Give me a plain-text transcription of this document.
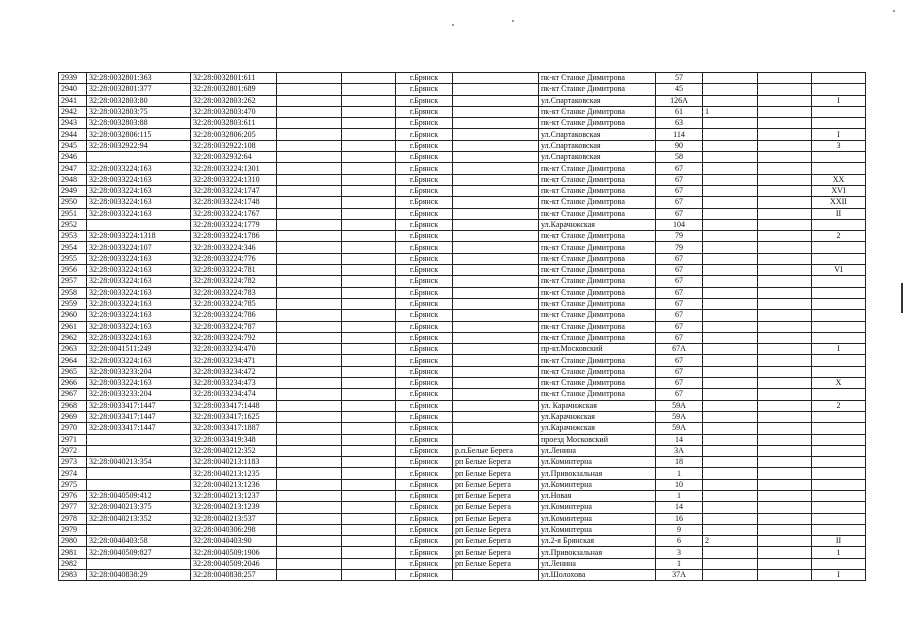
2939	32:28:0032801:363	32:28:0032801:611			г.Брянск		пк-кт Станке Димитрова	57			
2940	32:28:0032801:377	32:28:0032801:689			г.Брянск		пк-кт Станке Димитрова	45			
2941	32:28:0032803:80	32:28:0032803:262			г.Брянск		ул.Спартаковская	126А			I
2942	32:28:0032803:75	32:28:0032803:470			г.Брянск		пк-кт Станке Димитрова	61	1		
2943	32:28:0032803:88	32:28:0032803:611			г.Брянск		пк-кт Станке Димитрова	63			
2944	32:28:0032806:115	32:28:0032806:205			г.Брянск		ул.Спартаковская	114			I
2945	32:28:0032922:94	32:28:0032922:108			г.Брянск		ул.Спартаковская	90			3
2946		32:28:0032932:64			г.Брянск		ул.Спартаковская	58			
2947	32:28:0033224:163	32:28:0033224:1301			г.Брянск		пк-кт Станке Димитрова	67			
2948	32:28:0033224:163	32:28:0033224:1310			г.Брянск		пк-кт Станке Димитрова	67			XX
2949	32:28:0033224:163	32:28:0033224:1747			г.Брянск		пк-кт Станке Димитрова	67			XVI
2950	32:28:0033224:163	32:28:0033224:1748			г.Брянск		пк-кт Станке Димитрова	67			XXII
2951	32:28:0033224:163	32:28:0033224:1767			г.Брянск		пк-кт Станке Димитрова	67			II
2952		32:28:0033224:1779			г.Брянск		ул.Карачижская	104			
2953	32:28:0033224:1318	32:28:0033224:1786			г.Брянск		пк-кт Станке Димитрова	79			2
2954	32:28:0033224:107	32:28:0033224:346			г.Брянск		пк-кт Станке Димитрова	79			
2955	32:28:0033224:163	32:28:0033224:776			г.Брянск		пк-кт Станке Димитрова	67			
2956	32:28:0033224:163	32:28:0033224:781			г.Брянск		пк-кт Станке Димитрова	67			VI
2957	32:28:0033224:163	32:28:0033224:782			г.Брянск		пк-кт Станке Димитрова	67			
2958	32:28:0033224:163	32:28:0033224:783			г.Брянск		пк-кт Станке Димитрова	67			
2959	32:28:0033224:163	32:28:0033224:785			г.Брянск		пк-кт Станке Димитрова	67			
2960	32:28:0033224:163	32:28:0033224:786			г.Брянск		пк-кт Станке Димитрова	67			
2961	32:28:0033224:163	32:28:0033224:787			г.Брянск		пк-кт Станке Димитрова	67			
2962	32:28:0033224:163	32:28:0033224:792			г.Брянск		пк-кт Станке Димитрова	67			
2963	32:28:0041511:249	32:28:0033234:470			г.Брянск		пр-кт.Московский	67А			I
2964	32:28:0033224:163	32:28:0033234:471			г.Брянск		пк-кт Станке Димитрова	67			
2965	32:28:0033233:204	32:28:0033234:472			г.Брянск		пк-кт Станке Димитрова	67			
2966	32:28:0033224:163	32:28:0033234:473			г.Брянск		пк-кт Станке Димитрова	67			X
2967	32:28:0033233:204	32:28:0033234:474			г.Брянск		пк-кт Станке Димитрова	67			
2968	32:28:0033417:1447	32:28:0033417:1448			г.Брянск		ул. Карачижская	59А			2
2969	32:28:0033417:1447	32:28:0033417:1625			г.Брянск		ул.Карачижская	59А			
2970	32:28:0033417:1447	32:28:0033417:1887			г.Брянск		ул.Карачижская	59А			
2971		32:28:0033419:348			г.Брянск		проезд Московский	14			
2972		32:28:0040212:352			г.Брянск	р.п.Белые Берега	ул.Ленина	3А			
2973	32:28:0040213:354	32:28:0040213:1183			г.Брянск	рп Белые Берега	ул.Коминтерна	18			
2974		32:28:0040213:1235			г.Брянск	рп Белые Берега	ул.Привокзальная	1			
2975		32:28:0040213:1236			г.Брянск	рп Белые Берега	ул.Коминтерна	10			
2976	32:28:0040509:412	32:28:0040213:1237			г.Брянск	рп Белые Берега	ул.Новая	1			
2977	32:28:0040213:375	32:28:0040213:1239			г.Брянск	рп Белые Берега	ул.Коминтерна	14			
2978	32:28:0040213:352	32:28:0040213:537			г.Брянск	рп Белые Берега	ул.Коминтерна	16			
2979		32:28:0040306:298			г.Брянск	рп Белые Берега	ул.Коминтерна	9			
2980	32:28:0040403:58	32:28:0040403:90			г.Брянск	рп Белые Берега	ул.2-я Брянская	6	2		II
2981	32:28:0040509:827	32:28:0040509:1906			г.Брянск	рп Белые Берега	ул.Привокзальная	3			1
2982		32:28:0040509:2046			г.Брянск	рп Белые Берега	ул.Ленина	1			
2983	32:28:0040838:29	32:28:0040838:257			г.Брянск		ул.Шолохова	37А			I
